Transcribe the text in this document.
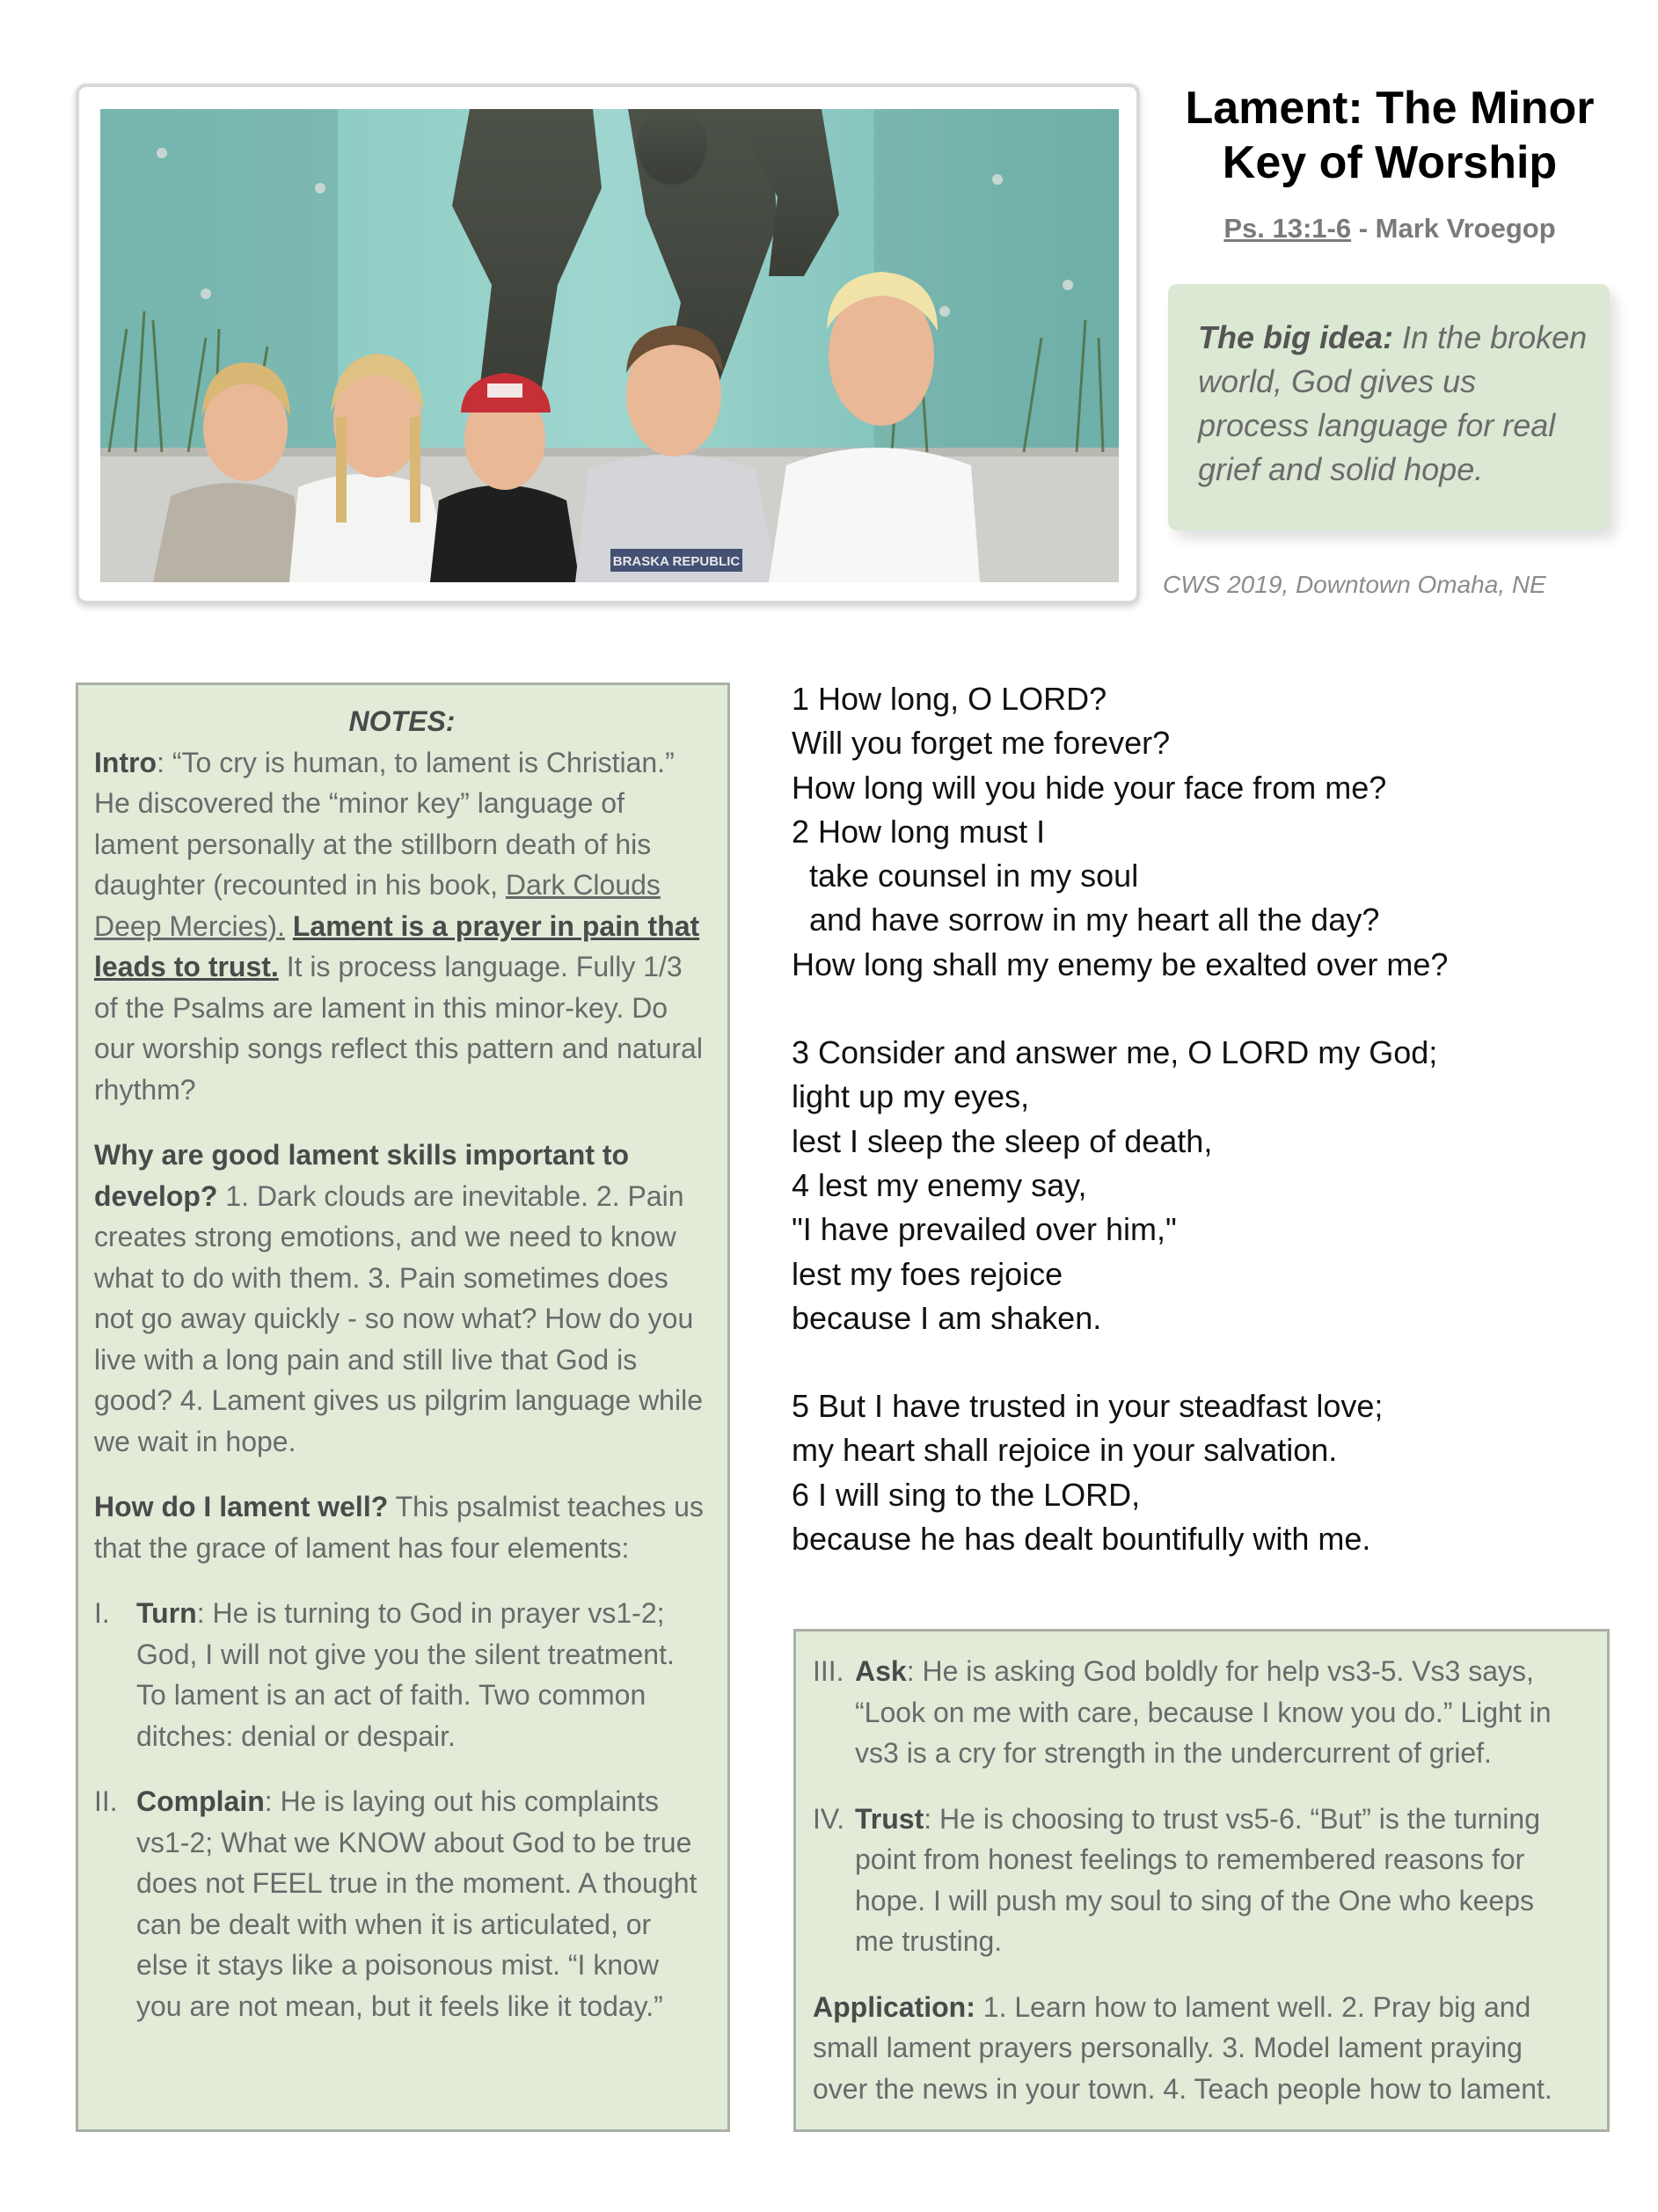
BRASKA REPUBLIC
Lament: The Minor
Key of Worship
Ps. 13:1-6 - Mark Vroegop
The big idea: In the broken world, God gives us process language for real grief and solid hope.
CWS 2019, Downtown Omaha, NE
NOTES:

Intro: “To cry is human, to lament is Christian.” He discovered the “minor key” language of lament personally at the stillborn death of his daughter (recounted in his book, Dark Clouds Deep Mercies). Lament is a prayer in pain that leads to trust. It is process language. Fully 1/3 of the Psalms are lament in this minor-key. Do our worship songs reflect this pattern and natural rhythm?

Why are good lament skills important to develop? 1. Dark clouds are inevitable. 2. Pain creates strong emotions, and we need to know what to do with them. 3. Pain sometimes does not go away quickly - so now what? How do you live with a long pain and still live that God is good? 4. Lament gives us pilgrim language while we wait in hope.

How do I lament well? This psalmist teaches us that the grace of lament has four elements:

I. Turn: He is turning to God in prayer vs1-2; God, I will not give you the silent treatment. To lament is an act of faith. Two common ditches: denial or despair.
II. Complain: He is laying out his complaints vs1-2; What we KNOW about God to be true does not FEEL true in the moment. A thought can be dealt with when it is articulated, or else it stays like a poisonous mist. “I know you are not mean, but it feels like it today.”
1 How long, O LORD?
Will you forget me forever?
How long will you hide your face from me?
2 How long must I
take counsel in my soul
and have sorrow in my heart all the day?
How long shall my enemy be exalted over me?
3 Consider and answer me, O LORD my God;
light up my eyes,
lest I sleep the sleep of death,
4 lest my enemy say,
"I have prevailed over him,"
lest my foes rejoice
because I am shaken.
5 But I have trusted in your steadfast love;
my heart shall rejoice in your salvation.
6 I will sing to the LORD,
because he has dealt bountifully with me.
III. Ask: He is asking God boldly for help vs3-5. Vs3 says, “Look on me with care, because I know you do.” Light in vs3 is a cry for strength in the undercurrent of grief.
IV. Trust: He is choosing to trust vs5-6. “But” is the turning point from honest feelings to remembered reasons for hope. I will push my soul to sing of the One who keeps me trusting.

Application: 1. Learn how to lament well. 2. Pray big and small lament prayers personally. 3. Model lament praying over the news in your town. 4. Teach people how to lament.
